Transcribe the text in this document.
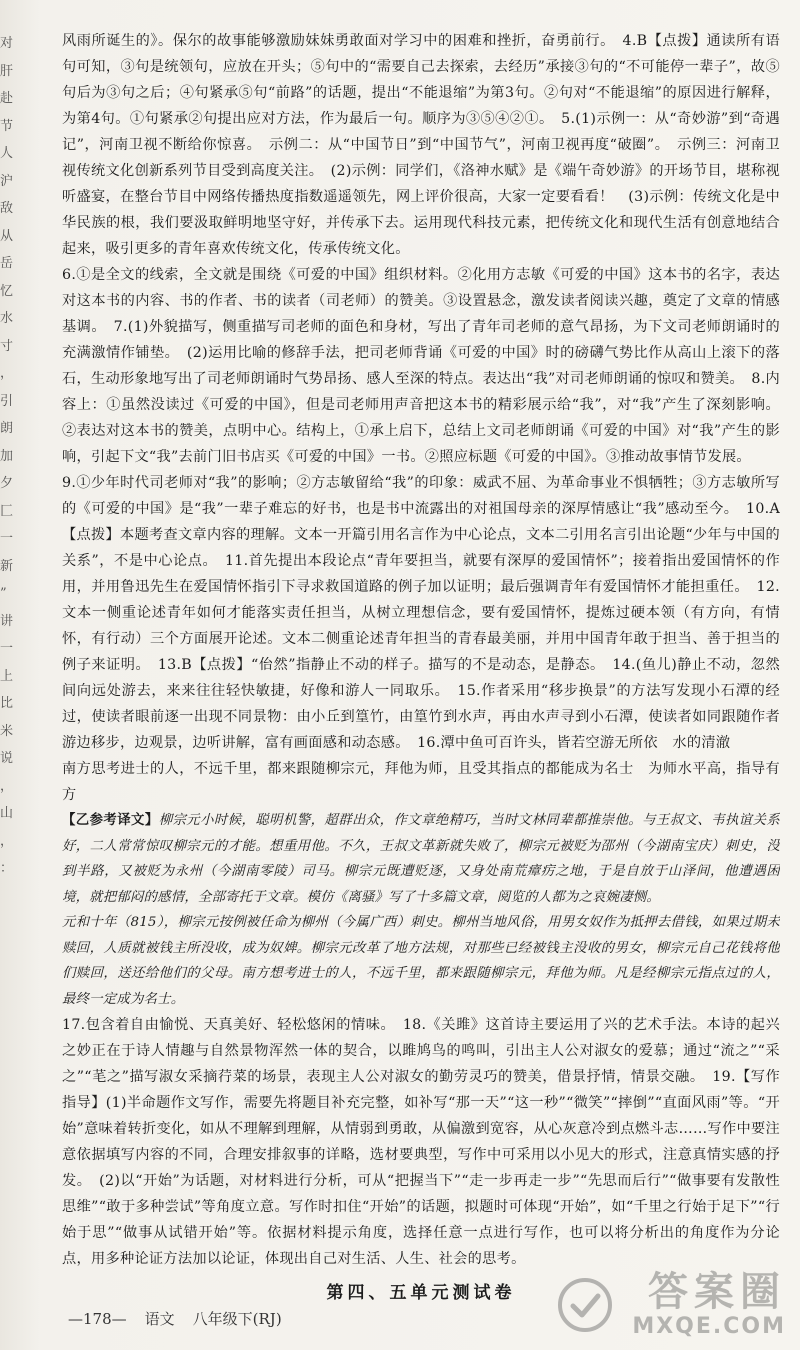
对
肝
赴
节
人
沪
敌
从
岳
忆
水
寸
，
引
朗
加
夕
匚
一
新
”
讲
一
上
比
米
说
，
山
，
：

风雨所诞生的》。保尔的故事能够激励妹妹勇敢面对学习中的困难和挫折，奋勇前行。　4.B【点拨】通读所有语句可知，③句是统领句，应放在开头；⑤句中的“需要自己去探索，去经历”承接③句的“不可能停一辈子”，故⑤句后为③句之后；④句紧承⑤句“前路”的话题，提出“不能退缩”为第3句。②句对“不能退缩”的原因进行解释，为第4句。①句紧承②句提出应对方法，作为最后一句。顺序为③⑤④②①。　5.(1)示例一：从“奇妙游”到“奇遇记”，河南卫视不断给你惊喜。　示例二：从“中国节日”到“中国节气”，河南卫视再度“破圈”。　示例三：河南卫视传统文化创新系列节目受到高度关注。　(2)示例：同学们，《洛神水赋》是《端午奇妙游》的开场节目，堪称视听盛宴，在整台节目中网络传播热度指数遥遥领先，网上评价很高，大家一定要看看！　(3)示例：传统文化是中华民族的根，我们要汲取鲜明地坚守好，并传承下去。运用现代科技元素，把传统文化和现代生活有创意地结合起来，吸引更多的青年喜欢传统文化，传承传统文化。

6.①是全文的线索，全文就是围绕《可爱的中国》组织材料。②化用方志敏《可爱的中国》这本书的名字，表达对这本书的内容、书的作者、书的读者（司老师）的赞美。③设置悬念，激发读者阅读兴趣，奠定了文章的情感基调。　7.(1)外貌描写，侧重描写司老师的面色和身材，写出了青年司老师的意气昂扬，为下文司老师朗诵时的充满激情作铺垫。　(2)运用比喻的修辞手法，把司老师背诵《可爱的中国》时的磅礴气势比作从高山上滚下的落石，生动形象地写出了司老师朗诵时气势昂扬、感人至深的特点。表达出“我”对司老师朗诵的惊叹和赞美。　8.内容上：①虽然没读过《可爱的中国》，但是司老师用声音把这本书的精彩展示给“我”，对“我”产生了深刻影响。②表达对这本书的赞美，点明中心。结构上，①承上启下，总结上文司老师朗诵《可爱的中国》对“我”产生的影响，引起下文“我”去前门旧书店买《可爱的中国》一书。②照应标题《可爱的中国》。③推动故事情节发展。

9.①少年时代司老师对“我”的影响；②方志敏留给“我”的印象：威武不屈、为革命事业不惧牺牲；③方志敏所写的《可爱的中国》是“我”一辈子难忘的好书，也是书中流露出的对祖国母亲的深厚情感让“我”感动至今。　10.A【点拨】本题考查文章内容的理解。文本一开篇引用名言作为中心论点，文本二引用名言引出论题“少年与中国的关系”，不是中心论点。　11.首先提出本段论点“青年要担当，就要有深厚的爱国情怀”；接着指出爱国情怀的作用，并用鲁迅先生在爱国情怀指引下寻求救国道路的例子加以证明；最后强调青年有爱国情怀才能担重任。　12.文本一侧重论述青年如何才能落实责任担当，从树立理想信念，要有爱国情怀，提炼过硬本领（有方向，有情怀，有行动）三个方面展开论述。文本二侧重论述青年担当的青春最美丽，并用中国青年敢于担当、善于担当的例子来证明。　13.B【点拨】“佁然”指静止不动的样子。描写的不是动态，是静态。　14.(鱼儿)静止不动，忽然间向远处游去，来来往往轻快敏捷，好像和游人一同取乐。　15.作者采用“移步换景”的方法写发现小石潭的经过，使读者眼前逐一出现不同景物：由小丘到篁竹，由篁竹到水声，再由水声寻到小石潭，使读者如同跟随作者游边移步，边观景，边听讲解，富有画面感和动态感。　16.潭中鱼可百许头，皆若空游无所依　水的清澈

南方思考进士的人，不远千里，都来跟随柳宗元，拜他为师，且受其指点的都能成为名士　为师水平高，指导有方

【乙参考译文】柳宗元小时候，聪明机警，超群出众，作文章绝精巧，当时文林同辈都推崇他。与王叔文、韦执谊关系好，二人常常惊叹柳宗元的才能。想重用他。不久，王叔文革新就失败了，柳宗元被贬为邵州（今湖南宝庆）刺史，没到半路，又被贬为永州（今湖南零陵）司马。柳宗元既遭贬逐，又身处南荒瘴疠之地，于是自放于山泽间，他遭遇困境，就把郁闷的感情，全部寄托于文章。模仿《离骚》写了十多篇文章，阅览的人都为之哀婉凄恻。

元和十年（815），柳宗元按例被任命为柳州（今属广西）刺史。柳州当地风俗，用男女奴作为抵押去借钱，如果过期未赎回，人质就被钱主所没收，成为奴婢。柳宗元改革了地方法规，对那些已经被钱主没收的男女，柳宗元自己花钱将他们赎回，送还给他们的父母。南方想考进士的人，不远千里，都来跟随柳宗元，拜他为师。凡是经柳宗元指点过的人，最终一定成为名士。

17.包含着自由愉悦、天真美好、轻松悠闲的情味。　18.《关雎》这首诗主要运用了兴的艺术手法。本诗的起兴之妙正在于诗人情趣与自然景物浑然一体的契合，以雎鸠鸟的鸣叫，引出主人公对淑女的爱慕；通过“流之”“采之”“芼之”描写淑女采摘荇菜的场景，表现主人公对淑女的勤劳灵巧的赞美，借景抒情，情景交融。　19.【写作指导】(1)半命题作文写作，需要先将题目补充完整，如补写“那一天”“这一秒”“微笑”“摔倒”“直面风雨”等。“开始”意味着转折变化，如从不理解到理解，从情弱到勇敢，从偏激到宽容，从心灰意冷到点燃斗志……写作中要注意依据填写内容的不同，合理安排叙事的详略，选材要典型，写作中可采用以小见大的形式，注意真情实感的抒发。　(2)以“开始”为话题，对材料进行分析，可从“把握当下”“走一步再走一步”“先思而后行”“做事要有发散性思维”“敢于多种尝试”等角度立意。写作时扣住“开始”的话题，拟题时可体现“开始”，如“千里之行始于足下”“行始于思”“做事从试错开始”等。依据材料提示角度，选择任意一点进行写作，也可以将分析出的角度作为分论点，用多种论证方法加以论证，体现出自己对生活、人生、社会的思考。

第四、五单元测试卷

—178— 语文 八年级下(RJ)
答案圈
MXQE.COM
